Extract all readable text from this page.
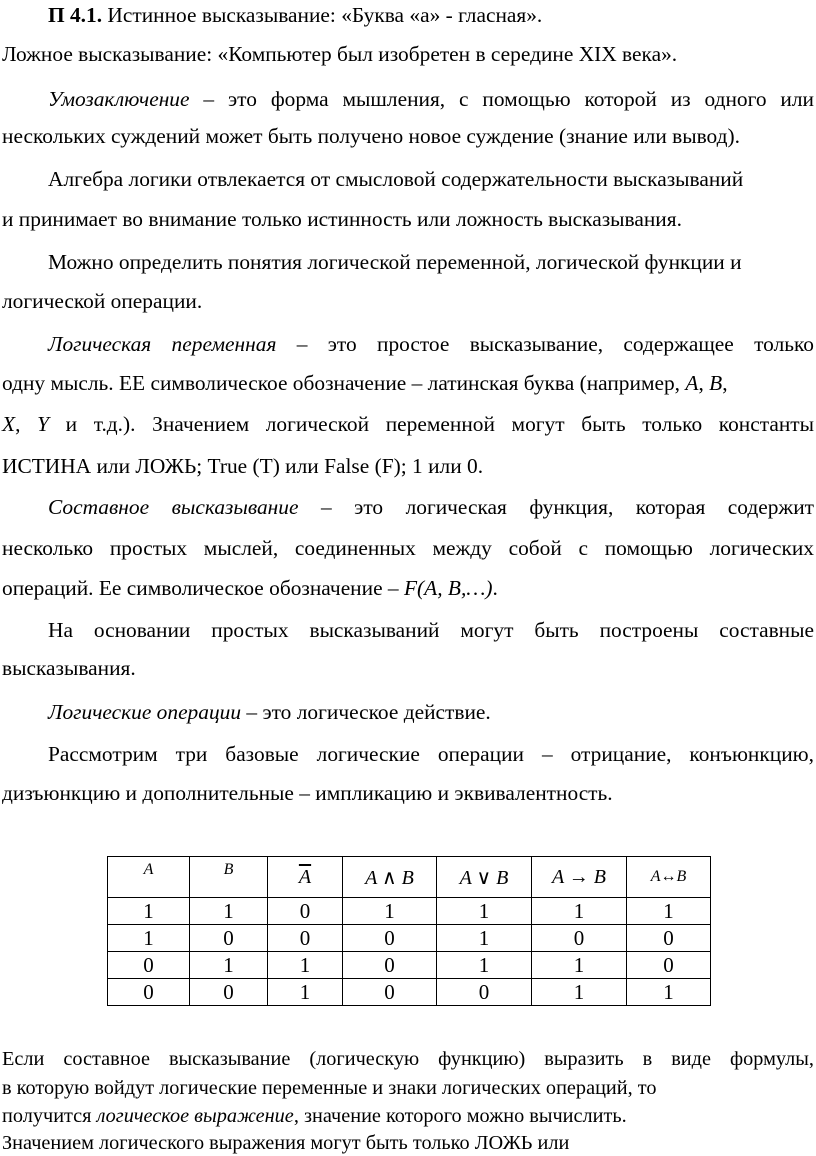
П 4.1. Истинное высказывание: «Буква «а» - гласная».
Ложное высказывание: «Компьютер был изобретен в середине XIX века».
Умозаключение – это форма мышления, с помощью которой из одного или
нескольких суждений может быть получено новое суждение (знание или вывод).
Алгебра логики отвлекается от смысловой содержательности высказываний
и принимает во внимание только истинность или ложность высказывания.
Можно определить понятия логической переменной, логической функции и
логической операции.
Логическая переменная – это простое высказывание, содержащее только
одну мысль. ЕЕ символическое обозначение – латинская буква (например, A, B,
X, Y и т.д.). Значением логической переменной могут быть только константы
ИСТИНА или ЛОЖЬ; True (T) или False (F); 1 или 0.
Составное высказывание – это логическая функция, которая содержит
несколько простых мыслей, соединенных между собой с помощью логических
операций. Ее символическое обозначение – F(A, B,…).
На основании простых высказываний могут быть построены составные
высказывания.
Логические операции – это логическое действие.
Рассмотрим три базовые логические операции – отрицание, конъюнкцию,
дизъюнкцию и дополнительные – импликацию и эквивалентность.
A	B	$\overline{A}$	A ∧ B	A ∨ B	A → B	A↔B
1	1	0	1	1	1	1
1	0	0	0	1	0	0
0	1	1	0	1	1	0
0	0	1	0	0	1	1
Если составное высказывание (логическую функцию) выразить в виде формулы,
в которую войдут логические переменные и знаки логических операций, то
получится логическое выражение, значение которого можно вычислить.
Значением логического выражения могут быть только ЛОЖЬ или
